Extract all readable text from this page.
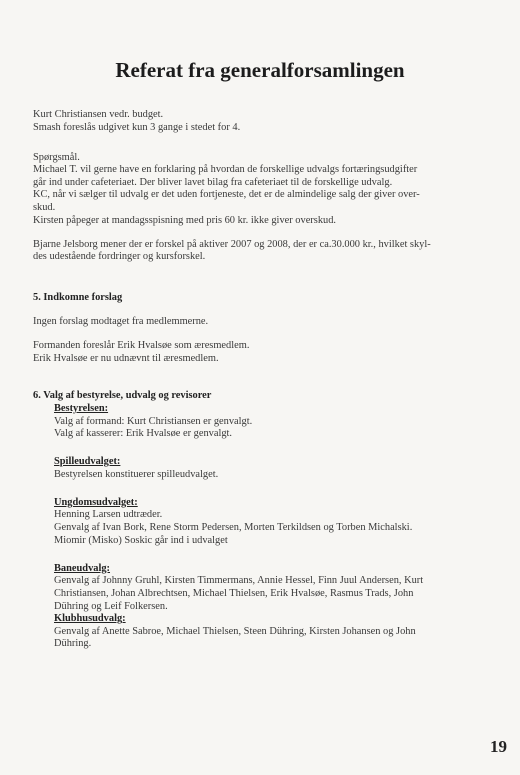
Referat fra generalforsamlingen

Kurt Christiansen vedr. budget.

Smash foreslås udgivet kun 3 gange i stedet for 4.

Spørgsmål.

Michael T. vil gerne have en forklaring på hvordan de forskellige udvalgs fortæringsudgifter

går ind under cafeteriaet. Der bliver lavet bilag fra cafeteriaet til de forskellige udvalg.

KC, når vi sælger til udvalg er det uden fortjeneste, det er de almindelige salg der giver over-

skud.

Kirsten påpeger at mandagsspisning med pris 60 kr. ikke giver overskud.

Bjarne Jelsborg mener der er forskel på aktiver 2007 og 2008, der er ca.30.000 kr., hvilket skyl-

des udestående fordringer og kursforskel.

5. Indkomne forslag

Ingen forslag modtaget fra medlemmerne.

Formanden foreslår Erik Hvalsøe som æresmedlem.

Erik Hvalsøe er nu udnævnt til æresmedlem.

6. Valg af bestyrelse, udvalg og revisorer

Bestyrelsen:

Valg af formand: Kurt Christiansen er genvalgt.

Valg af kasserer: Erik Hvalsøe er genvalgt.

Spilleudvalget:

Bestyrelsen konstituerer spilleudvalget.

Ungdomsudvalget:

Henning Larsen udtræder.

Genvalg af Ivan Bork, Rene Storm Pedersen, Morten Terkildsen og Torben Michalski.

Miomir (Misko) Soskic går ind i udvalget

Baneudvalg:

Genvalg af Johnny Gruhl, Kirsten Timmermans, Annie Hessel, Finn Juul Andersen, Kurt

Christiansen, Johan Albrechtsen, Michael Thielsen, Erik Hvalsøe, Rasmus Trads, John

Dühring og Leif Folkersen.

Klubhusudvalg:

Genvalg af Anette Sabroe, Michael Thielsen, Steen Dühring, Kirsten Johansen og John

Dühring.

19
